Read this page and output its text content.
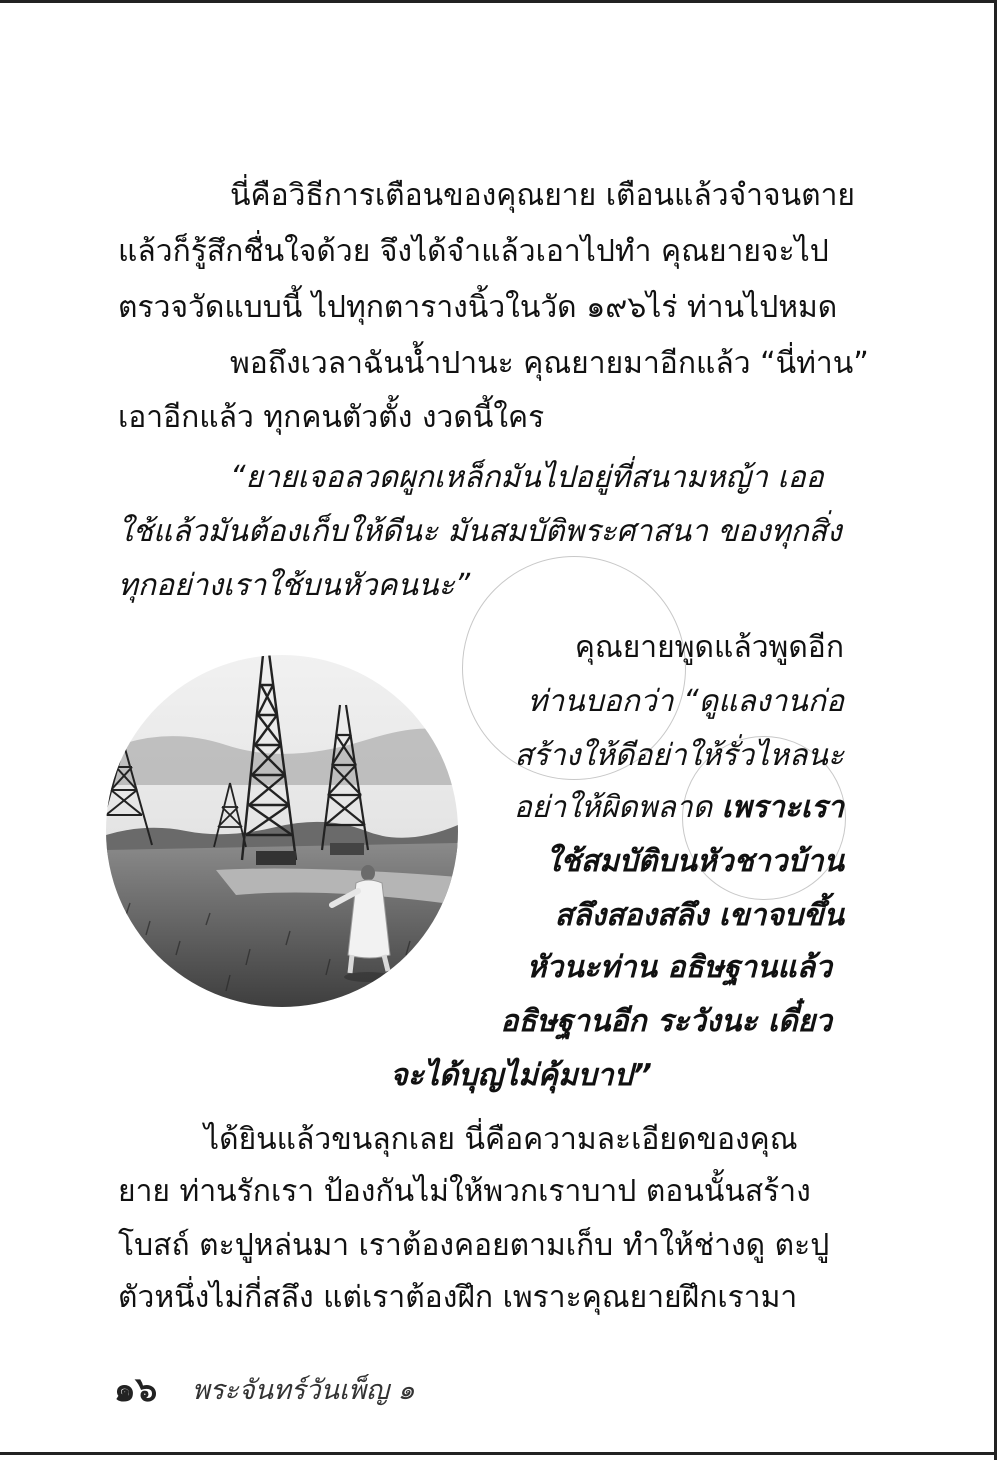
นี่คือวิธีการเตือนของคุณยาย เตือนแล้วจำจนตาย
แล้วก็รู้สึกชื่นใจด้วย จึงได้จำแล้วเอาไปทำ คุณยายจะไป
ตรวจวัดแบบนี้ ไปทุกตารางนิ้วในวัด ๑๙๖ไร่ ท่านไปหมด
พอถึงเวลาฉันน้ำปานะ คุณยายมาอีกแล้ว “นี่ท่าน”
เอาอีกแล้ว ทุกคนตัวตั้ง งวดนี้ใคร
“ยายเจอลวดผูกเหล็กมันไปอยู่ที่สนามหญ้า เออ
ใช้แล้วมันต้องเก็บให้ดีนะ มันสมบัติพระศาสนา ของทุกสิ่ง
ทุกอย่างเราใช้บนหัวคนนะ”
คุณยายพูดแล้วพูดอีก
ท่านบอกว่า “ดูแลงานก่อ
สร้างให้ดีอย่าให้รั่วไหลนะ
อย่าให้ผิดพลาด เพราะเรา
ใช้สมบัติบนหัวชาวบ้าน
สลึงสองสลึง เขาจบขึ้น
หัวนะท่าน อธิษฐานแล้ว
อธิษฐานอีก ระวังนะ เดี๋ยว
จะได้บุญไม่คุ้มบาป”
ได้ยินแล้วขนลุกเลย นี่คือความละเอียดของคุณ
ยาย ท่านรักเรา ป้องกันไม่ให้พวกเราบาป ตอนนั้นสร้าง
โบสถ์ ตะปูหล่นมา เราต้องคอยตามเก็บ ทำให้ช่างดู ตะปู
ตัวหนึ่งไม่กี่สลึง แต่เราต้องฝึก เพราะคุณยายฝึกเรามา
๑๖ พระจันทร์วันเพ็ญ ๑
